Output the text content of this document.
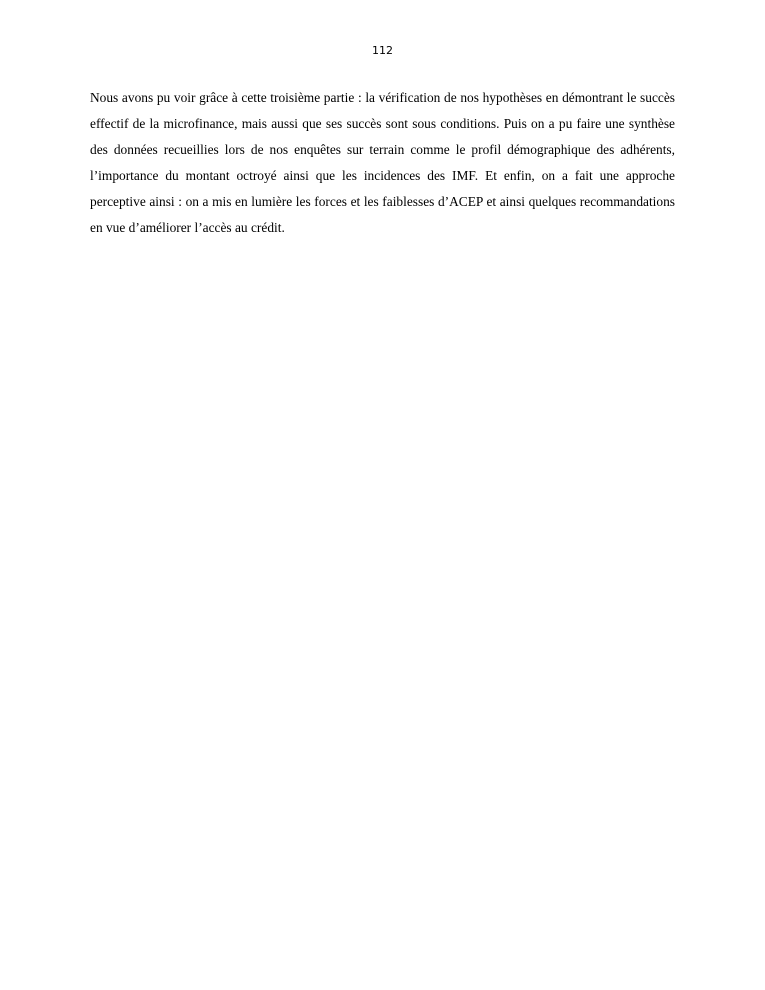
112

Nous avons pu voir grâce à cette troisième partie : la vérification de nos hypothèses en démontrant le succès effectif de la microfinance, mais aussi que ses succès sont sous conditions. Puis on a pu faire une synthèse des données recueillies lors de nos enquêtes sur terrain comme le profil démographique des adhérents, l’importance du montant octroyé ainsi que les incidences des IMF. Et enfin, on a fait une approche perceptive ainsi : on a mis en lumière les forces et les faiblesses d’ACEP et ainsi quelques recommandations en vue d’améliorer l’accès au crédit.
